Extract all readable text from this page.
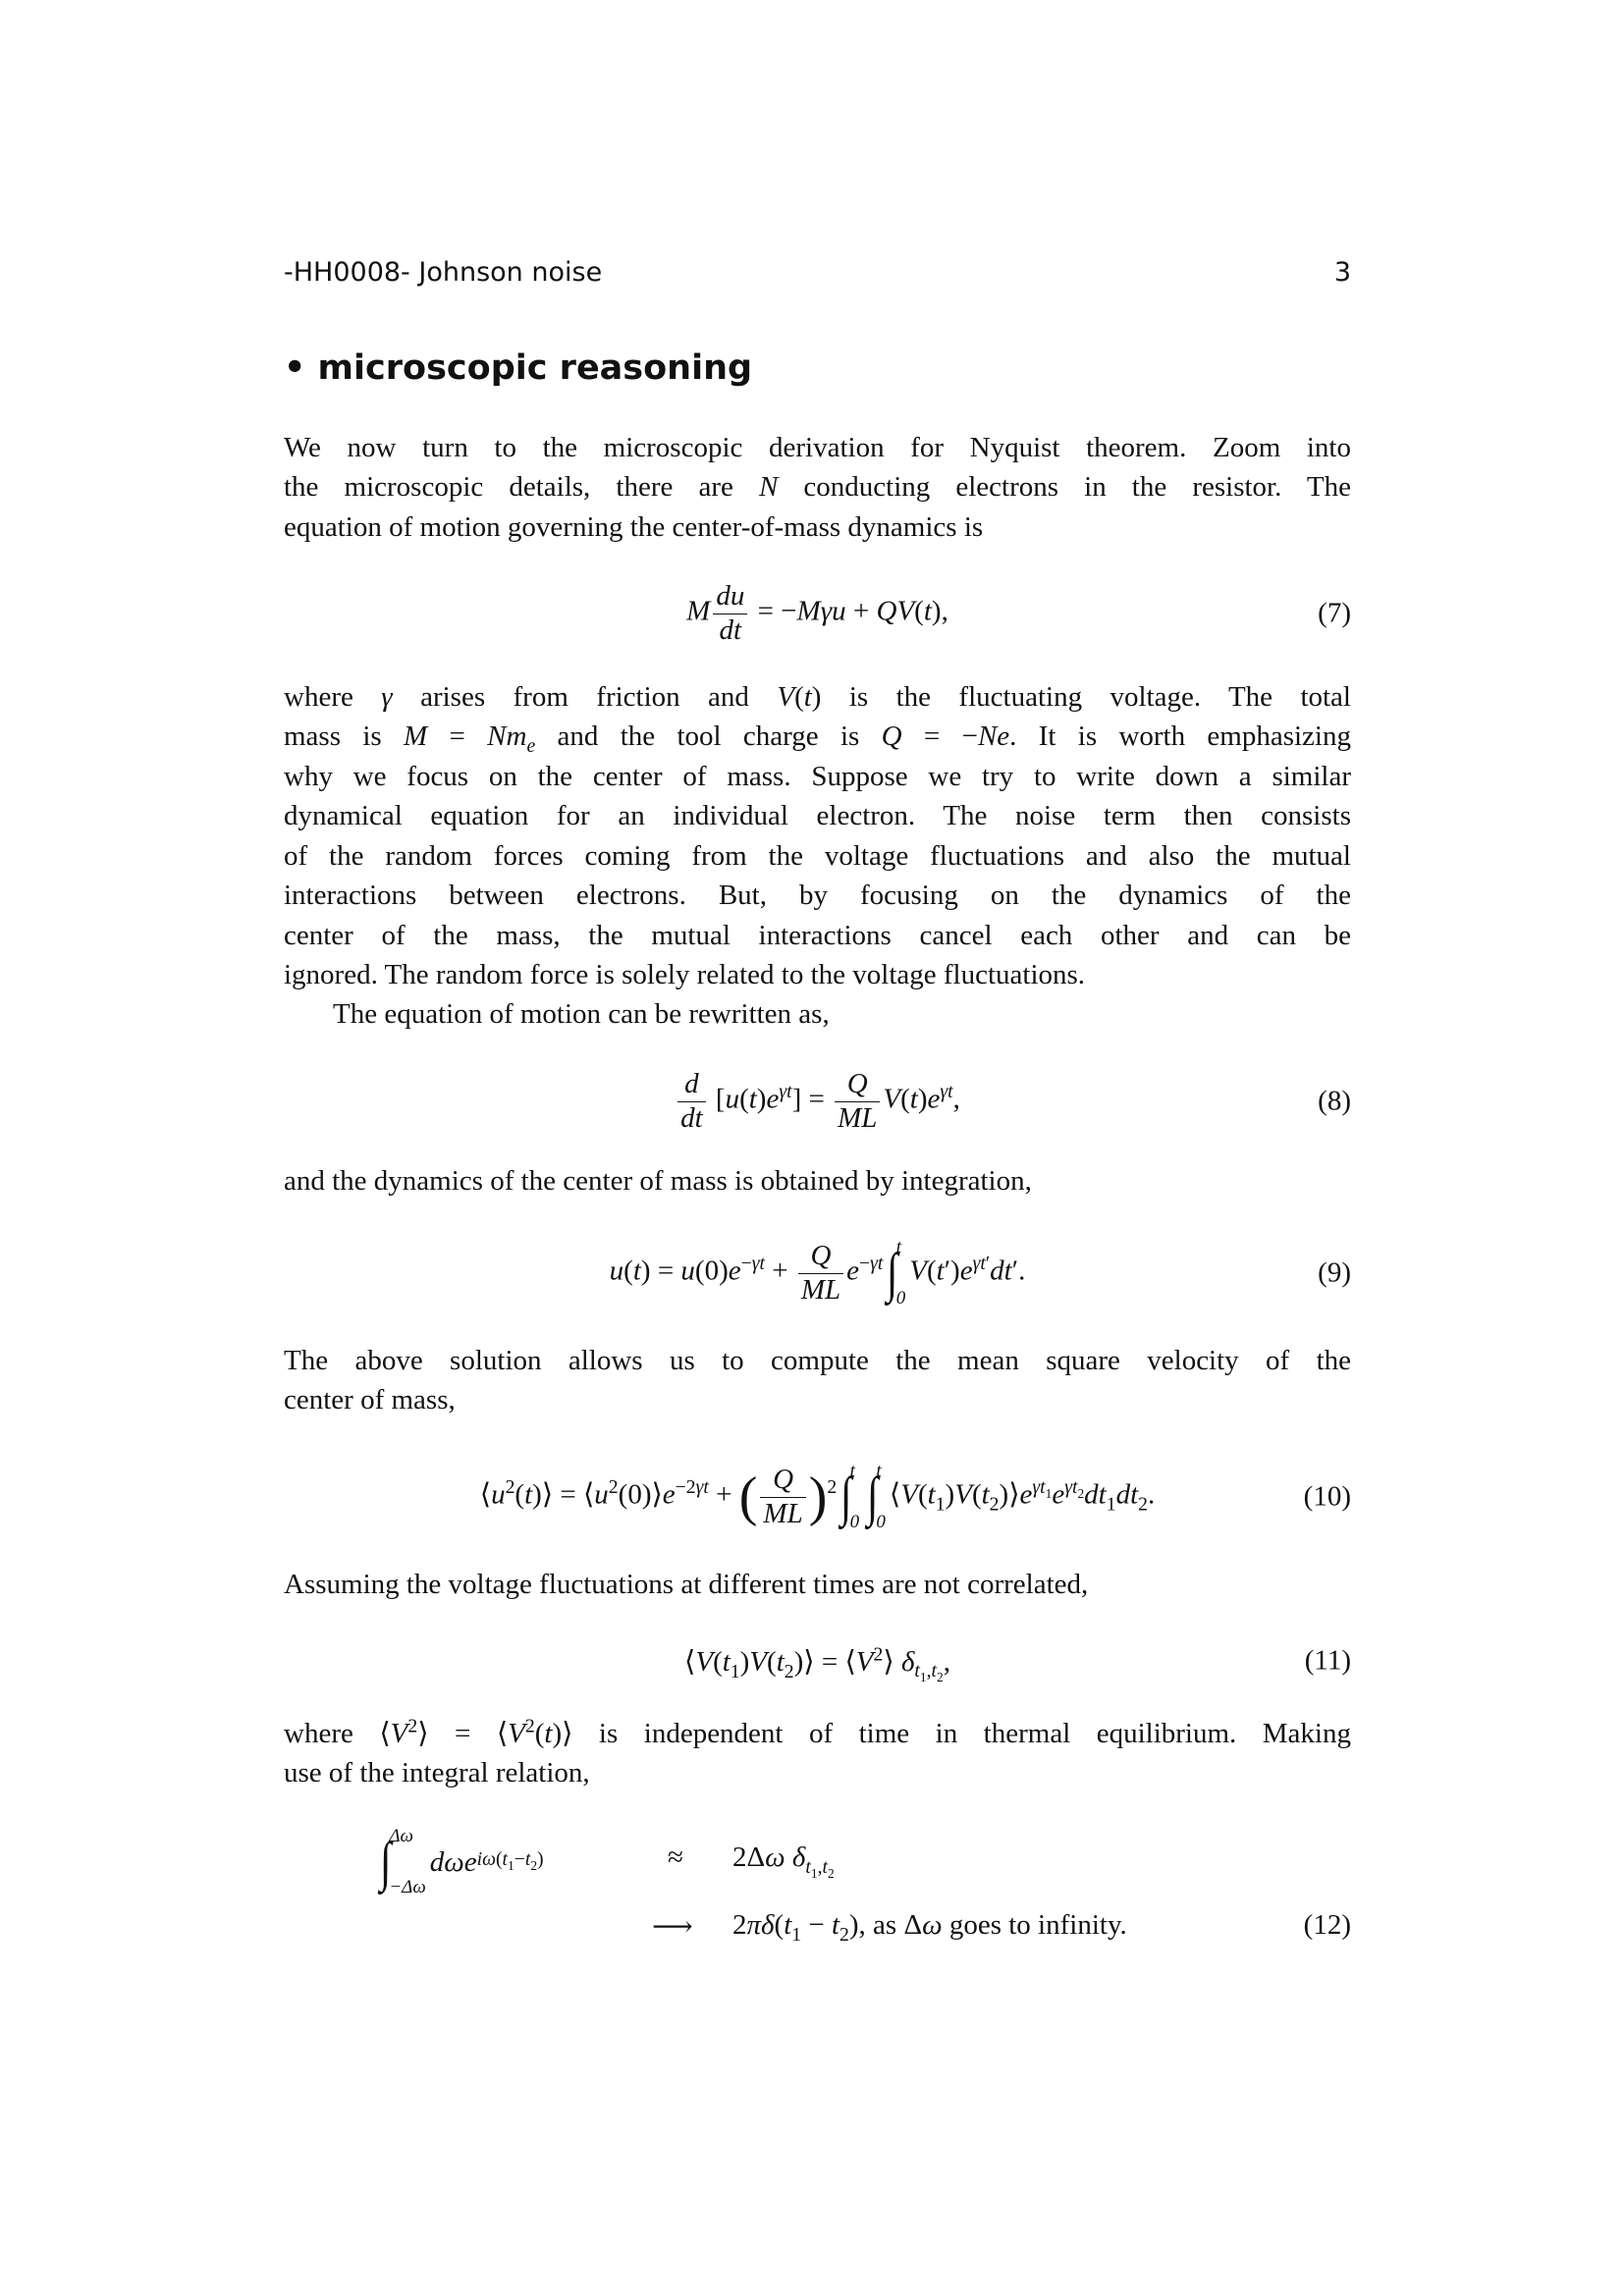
-HH0008- Johnson noise	3
• microscopic reasoning
We now turn to the microscopic derivation for Nyquist theorem. Zoom into
the microscopic details, there are N conducting electrons in the resistor. The
equation of motion governing the center-of-mass dynamics is
where γ arises from friction and V(t) is the fluctuating voltage. The total
mass is $M = Nm_e$ and the tool charge is Q = −Ne. It is worth emphasizing
why we focus on the center of mass. Suppose we try to write down a similar
dynamical equation for an individual electron. The noise term then consists
of the random forces coming from the voltage fluctuations and also the mutual
interactions between electrons. But, by focusing on the dynamics of the
center of the mass, the mutual interactions cancel each other and can be
ignored. The random force is solely related to the voltage fluctuations.
The equation of motion can be rewritten as,
and the dynamics of the center of mass is obtained by integration,
The above solution allows us to compute the mean square velocity of the
center of mass,
Assuming the voltage fluctuations at different times are not correlated,
where $⟨V^2⟩$ = $⟨V^2(t)⟩$ is independent of time in thermal equilibrium. Making
use of the integral relation,
M $\frac{du}{dt} = -M\gamma u + QV(t)$,	(7)
$\frac{d}{dt} [u(t)e^{\gamma t}] = \frac{Q}{ML} V(t)e^{\gamma t}$,	(8)
$u(t) = u(0)e^{-\gamma t} + \frac{Q}{ML} e^{-\gamma t}$ ∫
t
0
$V(t')e^{\gamma t'}dt'$.	(9)
$⟨u^2(t)⟩$ = $⟨u^2(0)⟩e^{-2\gamma t}$ + ( $\frac{Q}{ML} )^2$ ∫
t
0 ∫
t
0
$⟨V(t_1)V(t_2)⟩e^{\gamma t_1}e^{\gamma t_2}dt_1dt_2$.	(10)
$⟨V(t_1)V(t_2)⟩$ = $⟨V^2⟩$ $\delta_{t_1,t_2}$,	(11)
∫
Δω
−Δω
dωe $i\omega(t_1-t_2)$	≈ 2Δω $\delta_{t_1,t_2}$
⟶ $2\pi\delta(t_1 - t_2)$, as Δω goes to infinity.	(12)
